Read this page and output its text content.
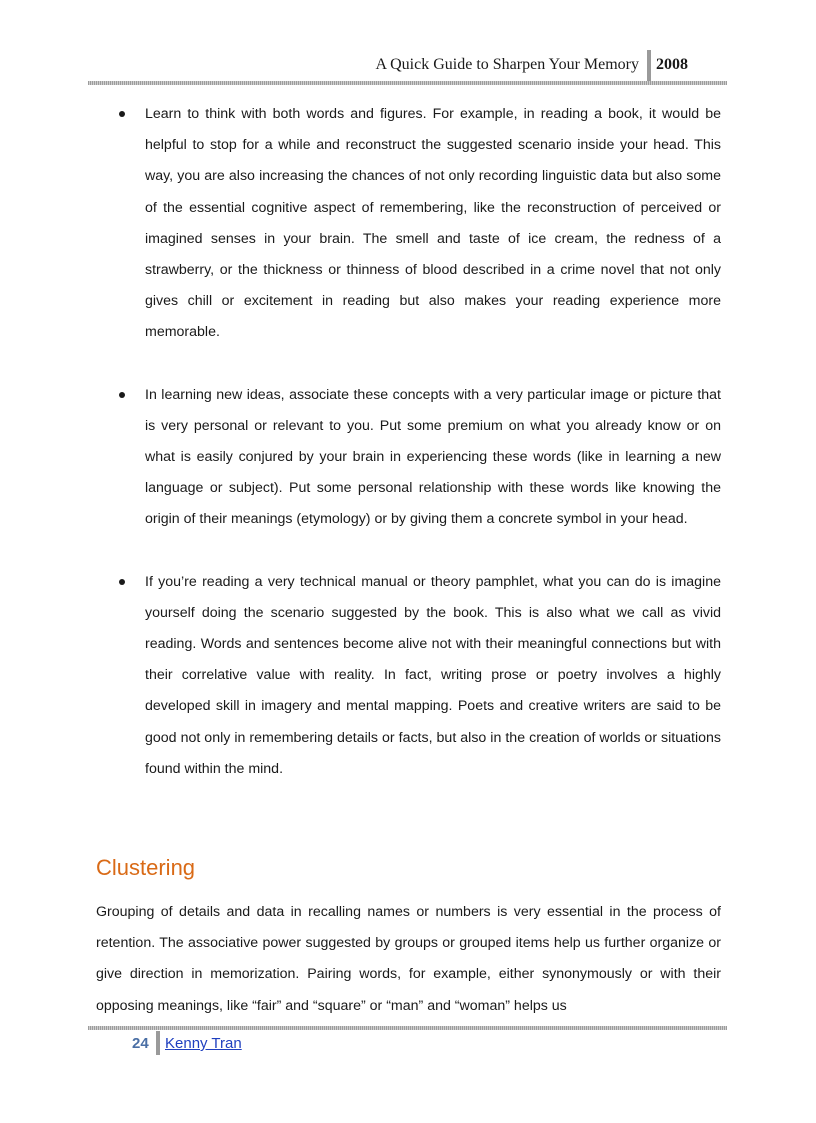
A Quick Guide to Sharpen Your Memory 2008
Learn to think with both words and figures. For example, in reading a book, it would be helpful to stop for a while and reconstruct the suggested scenario inside your head. This way, you are also increasing the chances of not only recording linguistic data but also some of the essential cognitive aspect of remembering, like the reconstruction of perceived or imagined senses in your brain. The smell and taste of ice cream, the redness of a strawberry, or the thickness or thinness of blood described in a crime novel that not only gives chill or excitement in reading but also makes your reading experience more memorable.
In learning new ideas, associate these concepts with a very particular image or picture that is very personal or relevant to you. Put some premium on what you already know or on what is easily conjured by your brain in experiencing these words (like in learning a new language or subject). Put some personal relationship with these words like knowing the origin of their meanings (etymology) or by giving them a concrete symbol in your head.
If you’re reading a very technical manual or theory pamphlet, what you can do is imagine yourself doing the scenario suggested by the book. This is also what we call as vivid reading. Words and sentences become alive not with their meaningful connections but with their correlative value with reality. In fact, writing prose or poetry involves a highly developed skill in imagery and mental mapping. Poets and creative writers are said to be good not only in remembering details or facts, but also in the creation of worlds or situations found within the mind.
Clustering

Grouping of details and data in recalling names or numbers is very essential in the process of retention. The associative power suggested by groups or grouped items help us further organize or give direction in memorization. Pairing words, for example, either synonymously or with their opposing meanings, like “fair” and “square” or “man” and “woman” helps us

24 Kenny Tran
